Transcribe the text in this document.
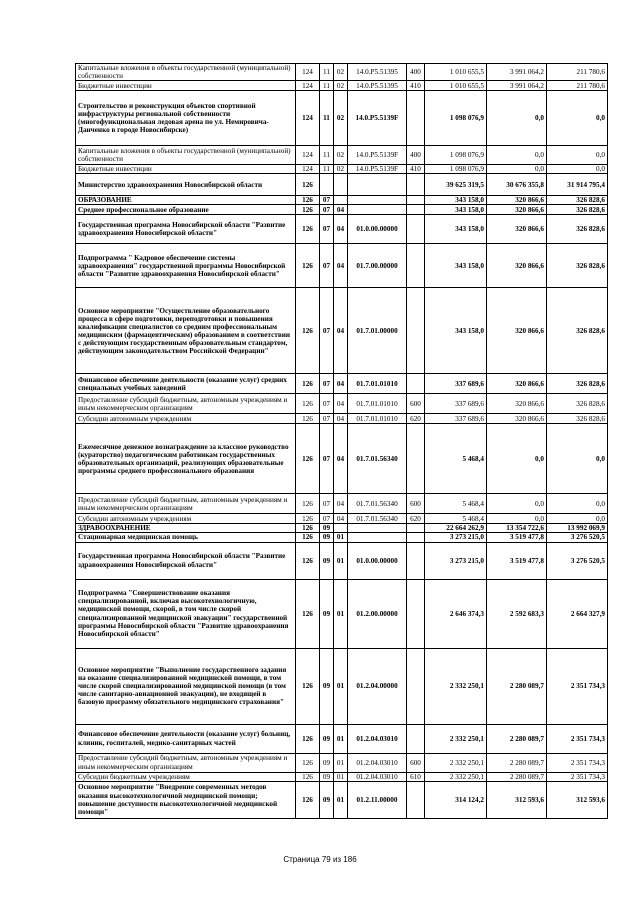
Капитальные вложения в объекты государственной (муниципальной) собственности	124	11	02	14.0.P5.51395	400	1 010 655,5	3 991 064,2	211 780,6
Бюджетные инвестиции	124	11	02	14.0.P5.51395	410	1 010 655,5	3 991 064,2	211 780,6
Строительство и реконструкция объектов спортивной инфраструктуры региональной собственности (многофункциональная ледовая арена по ул. Немировича-Данченко в городе Новосибирске)	124	11	02	14.0.P5.5139F		1 098 076,9	0,0	0,0
Капитальные вложения в объекты государственной (муниципальной) собственности	124	11	02	14.0.P5.5139F	400	1 098 076,9	0,0	0,0
Бюджетные инвестиции	124	11	02	14.0.P5.5139F	410	1 098 076,9	0,0	0,0
Министерство здравоохранения Новосибирской области	126					39 625 319,5	30 676 355,8	31 914 795,4
ОБРАЗОВАНИЕ	126	07				343 158,0	320 866,6	326 828,6
Среднее профессиональное образование	126	07	04			343 158,0	320 866,6	326 828,6
Государственная программа Новосибирской области "Развитие здравоохранения Новосибирской области"	126	07	04	01.0.00.00000		343 158,0	320 866,6	326 828,6
Подпрограмма " Кадровое обеспечение системы здравоохранения" государственной программы Новосибирской области "Развитие здравоохранения Новосибирской области"	126	07	04	01.7.00.00000		343 158,0	320 866,6	326 828,6
Основное мероприятие "Осуществление образовательного процесса в сфере подготовки, переподготовки и повышения квалификации специалистов со средним профессиональным медицинским (фармацевтическим) образованием в соответствии с действующим государственным образовательным стандартом, действующим законодательством Российской Федерации"	126	07	04	01.7.01.00000		343 158,0	320 866,6	326 828,6
Финансовое обеспечение деятельности (оказание услуг) средних специальных учебных заведений	126	07	04	01.7.01.01010		337 689,6	320 866,6	326 828,6
Предоставление субсидий бюджетным, автономным учреждениям и иным некоммерческим организациям	126	07	04	01.7.01.01010	600	337 689,6	320 866,6	326 828,6
Субсидии автономным учреждениям	126	07	04	01.7.01.01010	620	337 689,6	320 866,6	326 828,6
Ежемесячное денежное вознаграждение за классное руководство (кураторство) педагогическим работникам государственных образовательных организаций, реализующих образовательные программы среднего профессионального образования	126	07	04	01.7.01.56340		5 468,4	0,0	0,0
Предоставление субсидий бюджетным, автономным учреждениям и иным некоммерческим организациям	126	07	04	01.7.01.56340	600	5 468,4	0,0	0,0
Субсидии автономным учреждениям	126	07	04	01.7.01.56340	620	5 468,4	0,0	0,0
ЗДРАВООХРАНЕНИЕ	126	09				22 664 262,9	13 354 722,6	13 992 069,9
Стационарная медицинская помощь	126	09	01			3 273 215,0	3 519 477,8	3 276 520,5
Государственная программа Новосибирской области "Развитие здравоохранения Новосибирской области"	126	09	01	01.0.00.00000		3 273 215,0	3 519 477,8	3 276 520,5
Подпрограмма "Совершенствование оказания специализированной, включая высокотехнологичную, медицинской помощи, скорой, в том числе скорой специализированной медицинской эвакуации" государственной программы Новосибирской области "Развитие здравоохранения Новосибирской области"	126	09	01	01.2.00.00000		2 646 374,3	2 592 683,3	2 664 327,9
Основное мероприятие "Выполнение государственного задания на оказание специализированной медицинской помощи, в том числе скорой специализированной медицинской помощи (в том числе санитарно-авиационной эвакуации), не входящей в базовую программу обязательного медицинского страхования"	126	09	01	01.2.04.00000		2 332 250,1	2 280 089,7	2 351 734,3
Финансовое обеспечение деятельности (оказание услуг) больниц, клиник, госпиталей, медико-санитарных частей	126	09	01	01.2.04.03010		2 332 250,1	2 280 089,7	2 351 734,3
Предоставление субсидий бюджетным, автономным учреждениям и иным некоммерческим организациям	126	09	01	01.2.04.03010	600	2 332 250,1	2 280 089,7	2 351 734,3
Субсидии бюджетным учреждениям	126	09	01	01.2.04.03010	610	2 332 250,1	2 280 089,7	2 351 734,3
Основное мероприятие "Внедрение современных методов оказания высокотехнологичной медицинской помощи; повышение доступности высокотехнологичной медицинской помощи"	126	09	01	01.2.11.00000		314 124,2	312 593,6	312 593,6
Страница 79 из 186
